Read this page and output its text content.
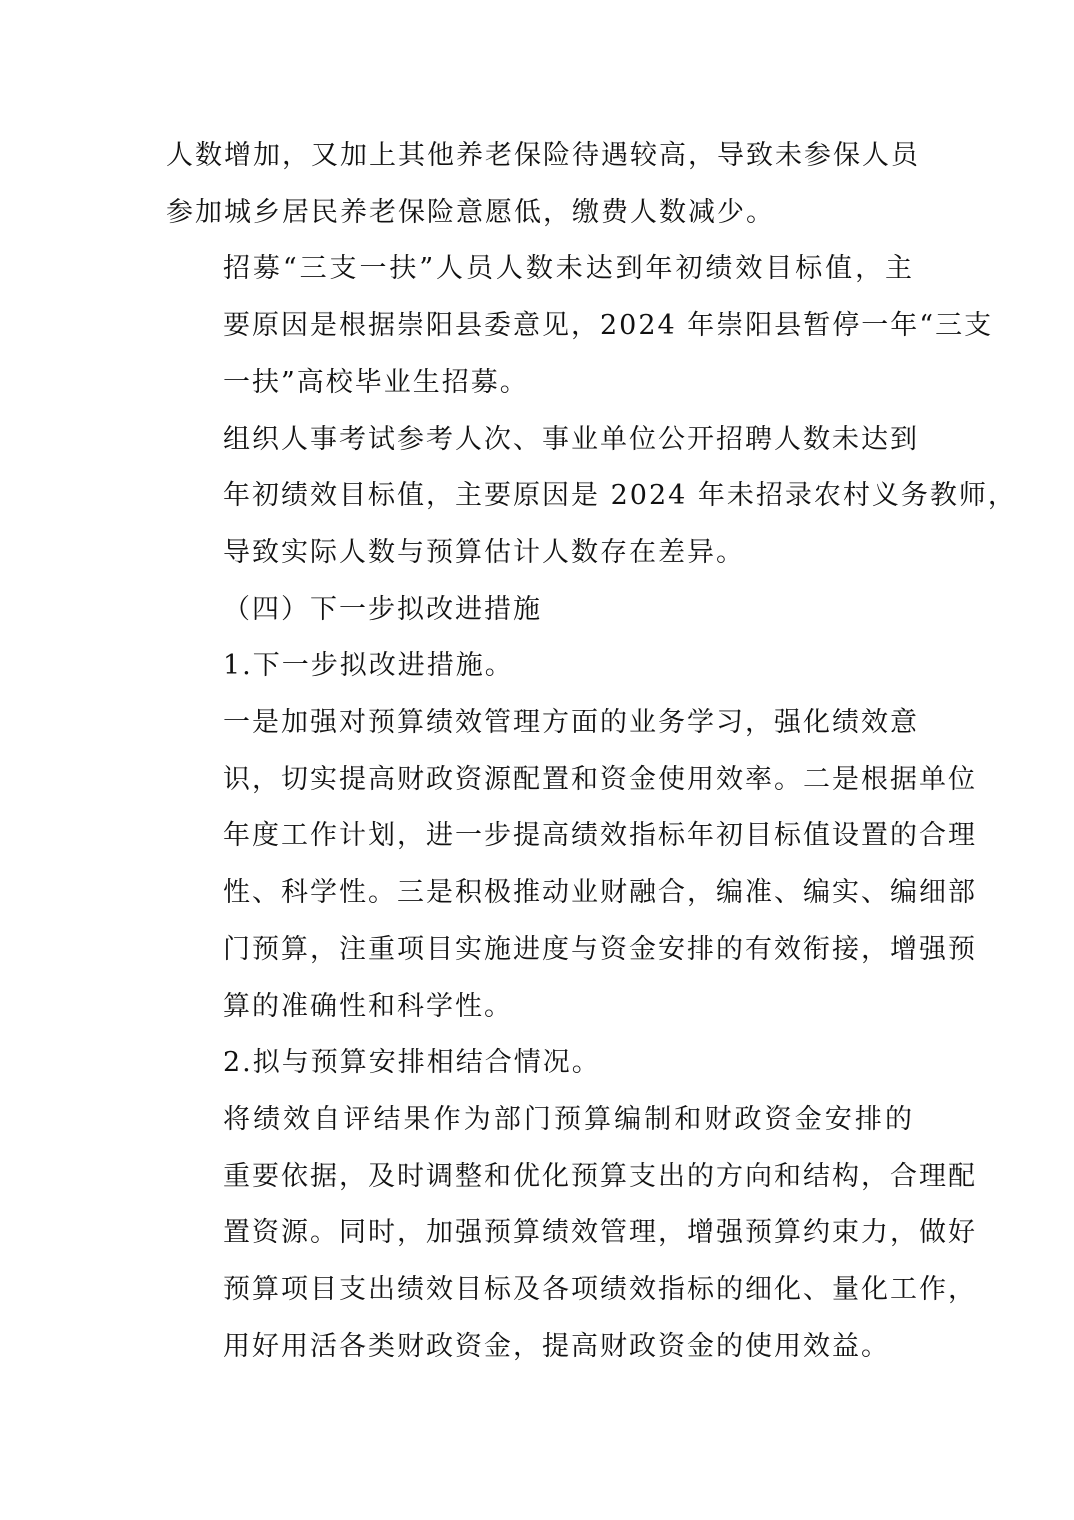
人数增加，又加上其他养老保险待遇较高，导致未参保人员
参加城乡居民养老保险意愿低，缴费人数减少。

招募“三支一扶”人员人数未达到年初绩效目标值，主
要原因是根据崇阳县委意见，2024 年崇阳县暂停一年“三支
一扶”高校毕业生招募。

组织人事考试参考人次、事业单位公开招聘人数未达到
年初绩效目标值，主要原因是 2024 年未招录农村义务教师，
导致实际人数与预算估计人数存在差异。

（四）下一步拟改进措施

1.下一步拟改进措施。

一是加强对预算绩效管理方面的业务学习，强化绩效意
识，切实提高财政资源配置和资金使用效率。二是根据单位
年度工作计划，进一步提高绩效指标年初目标值设置的合理
性、科学性。三是积极推动业财融合，编准、编实、编细部
门预算，注重项目实施进度与资金安排的有效衔接，增强预
算的准确性和科学性。

2.拟与预算安排相结合情况。

将绩效自评结果作为部门预算编制和财政资金安排的
重要依据，及时调整和优化预算支出的方向和结构，合理配
置资源。同时，加强预算绩效管理，增强预算约束力，做好
预算项目支出绩效目标及各项绩效指标的细化、量化工作，
用好用活各类财政资金，提高财政资金的使用效益。
